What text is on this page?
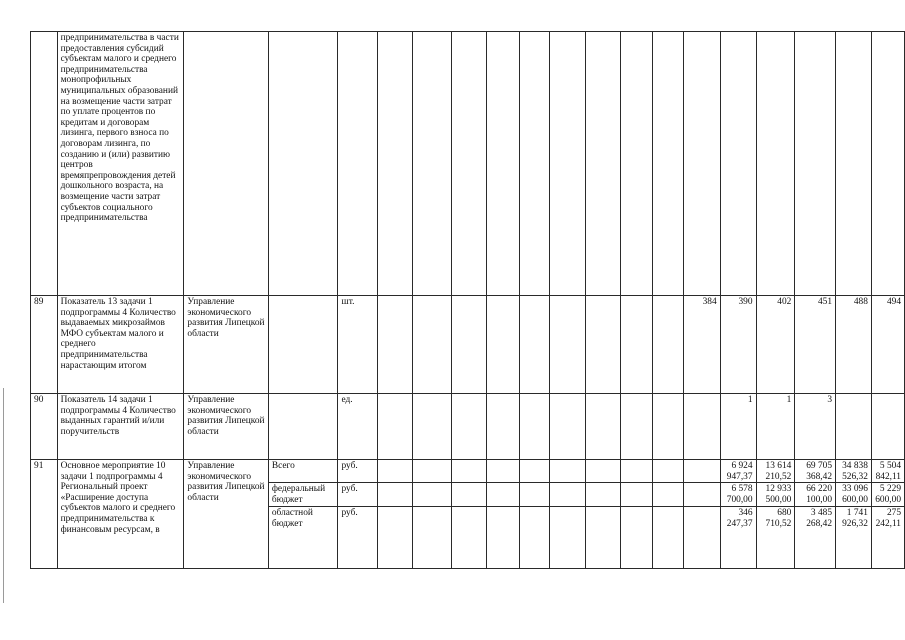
	предпринимательства в части предоставления субсидий субъектам малого и среднего предпринимательства монопрофильных муниципальных образований на возмещение части затрат по уплате процентов по кредитам и договорам лизинга, первого взноса по договорам лизинга, по созданию и (или) развитию центров времяпрепровождения детей дошкольного возраста, на возмещение части затрат субъектов социального предпринимательства																		
89	Показатель 13 задачи 1 подпрограммы 4 Количество выдаваемых микрозаймов МФО субъектам малого и среднего предпринимательства нарастающим итогом	Управление экономического развития Липецкой области		шт.										384	390	402	451	488	494
90	Показатель 14 задачи 1 подпрограммы 4 Количество выданных гарантий и/или поручительств	Управление экономического развития Липецкой области		ед.											1	1	3		
91	Основное мероприятие 10 задачи 1 подпрограммы 4 Региональный проект «Расширение доступа субъектов малого и среднего предпринимательства к финансовым ресурсам, в	Управление экономического развития Липецкой области	Всего	руб.											6 924 947,37	13 614 210,52	69 705 368,42	34 838 526,32	5 504 842,11
			федеральный бюджет	руб.											6 578 700,00	12 933 500,00	66 220 100,00	33 096 600,00	5 229 600,00
			областной бюджет	руб.											346 247,37	680 710,52	3 485 268,42	1 741 926,32	275 242,11
